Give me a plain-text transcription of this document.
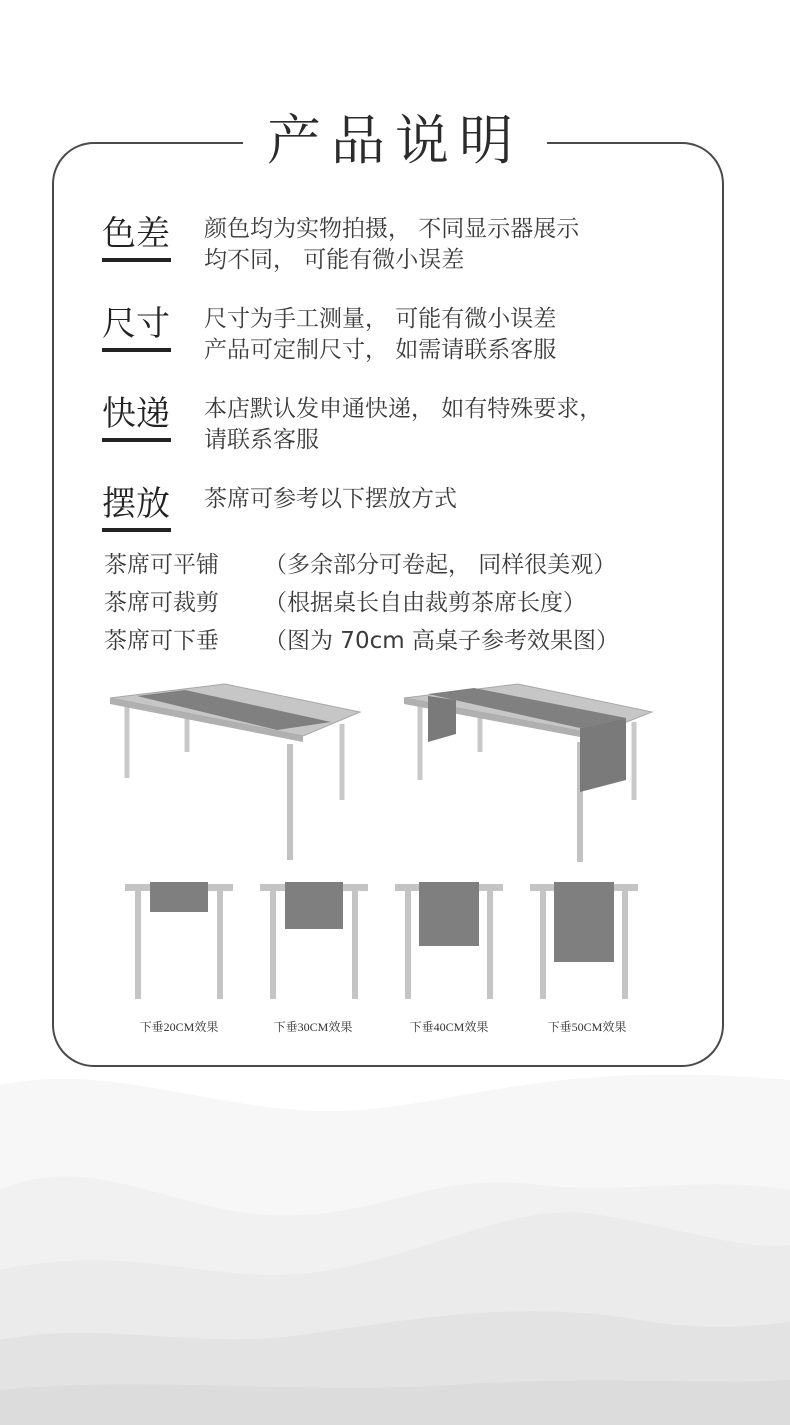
产品说明
色差 颜色均为实物拍摄， 不同显示器展示
均不同， 可能有微小误差
尺寸 尺寸为手工测量， 可能有微小误差
产品可定制尺寸， 如需请联系客服
快递 本店默认发申通快递， 如有特殊要求，
请联系客服
摆放 茶席可参考以下摆放方式
茶席可平铺 （多余部分可卷起， 同样很美观）
茶席可裁剪 （根据桌长自由裁剪茶席长度）
茶席可下垂 （图为 70cm 高桌子参考效果图）
下垂20CM效果	下垂30CM效果	下垂40CM效果	下垂50CM效果
